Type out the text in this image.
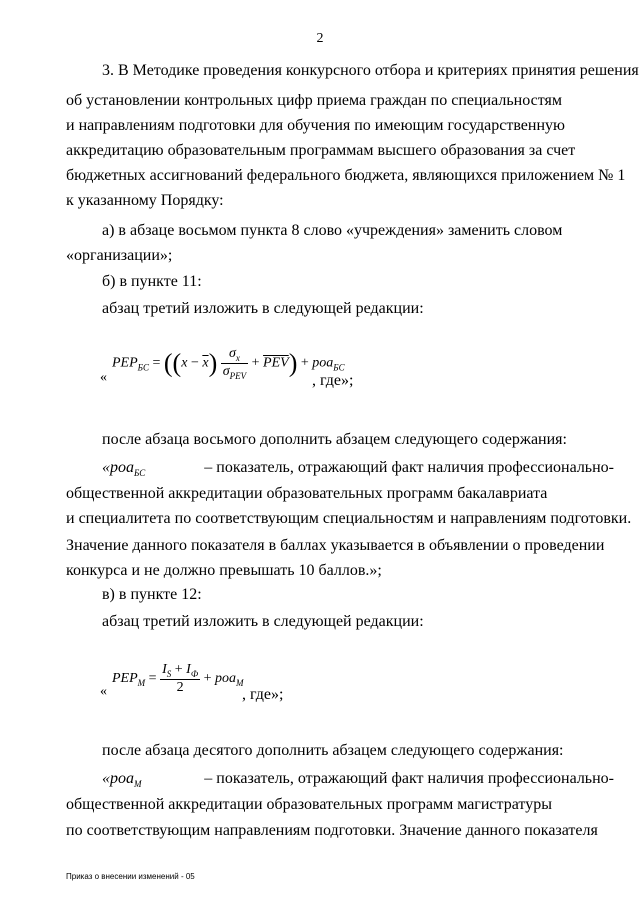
2
3. В Методике проведения конкурсного отбора и критериях принятия решения
об установлении контрольных цифр приема граждан по специальностям
и направлениям подготовки для обучения по имеющим государственную
аккредитацию образовательным программам высшего образования за счет
бюджетных ассигнований федерального бюджета, являющихся приложением № 1
к указанному Порядку:
а) в абзаце восьмом пункта 8 слово «учреждения» заменить словом
«организации»;
б) в пункте 11:
абзац третий изложить в следующей редакции:
«
$PEP_{БС} = ((x - \overline{x}) \frac{\sigma_x}{\sigma_{PEV}} + \overline{PEV}) + роа_{БС}$
, где»;
после абзаца восьмого дополнить абзацем следующего содержания:
«роа$_{БС}$	– показатель, отражающий факт наличия профессионально-
общественной аккредитации образовательных программ бакалавриата
и специалитета по соответствующим специальностям и направлениям подготовки.
Значение данного показателя в баллах указывается в объявлении о проведении
конкурса и не должно превышать 10 баллов.»;
в) в пункте 12:
абзац третий изложить в следующей редакции:
«
$PEP_М = \frac{I_S + I_Ф}{2} + роа_М$
, где»;
после абзаца десятого дополнить абзацем следующего содержания:
«роа$_М$	– показатель, отражающий факт наличия профессионально-
общественной аккредитации образовательных программ магистратуры
по соответствующим направлениям подготовки. Значение данного показателя
Приказ о внесении изменений - 05
